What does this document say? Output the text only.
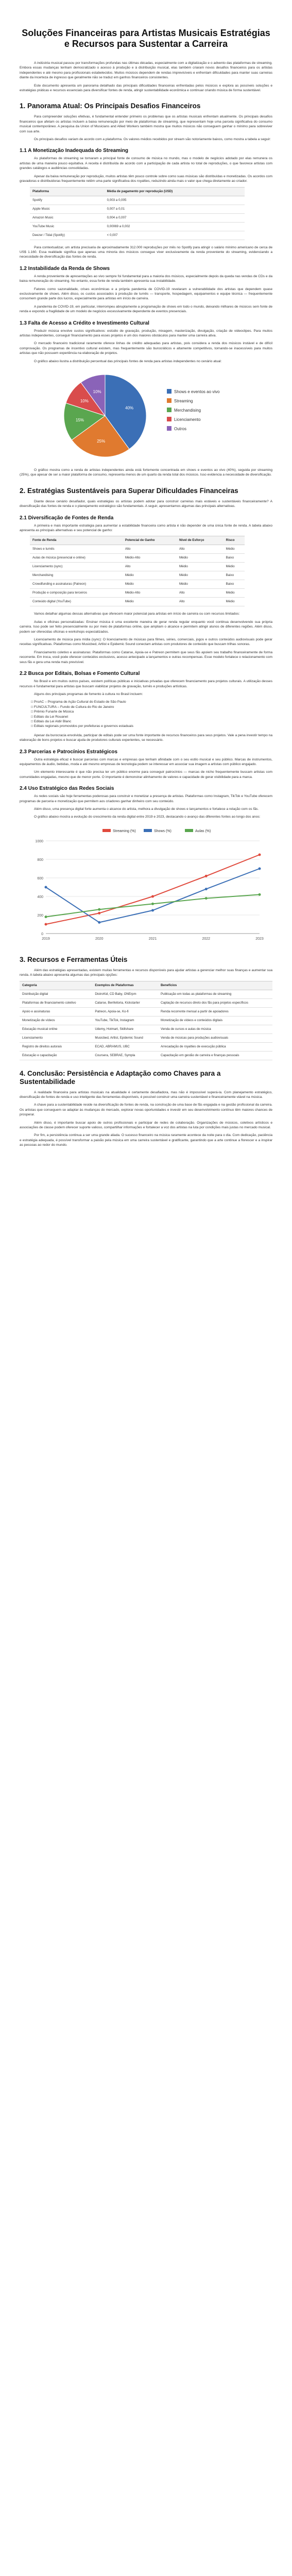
Soluções Financeiras para Artistas Musicais Estratégias e Recursos para Sustentar a Carreira

A indústria musical passou por transformações profundas nas últimas décadas, especialmente com a digitalização e o advento das plataformas de streaming. Embora essas mudanças tenham democratizado o acesso à produção e à distribuição musical, elas também criaram novos desafios financeiros para os artistas independentes e até mesmo para profissionais estabelecidos. Muitos músicos dependem de rendas imprevisíveis e enfrentam dificuldades para manter suas carreiras diante da incerteza de ingresso que geralmente não se traduz em ganhos financeiros consistentes.

Este documento apresenta um panorama detalhado das principais dificuldades financeiras enfrentadas pelos músicos e explora as possíveis soluções e estratégias práticas e recursos essenciais para diversificar fontes de renda, atingir sustentabilidade econômica e continuar criando música de forma sustentável.

1. Panorama Atual: Os Principais Desafios Financeiros

Para compreender soluções efetivas, é fundamental entender primeiro os problemas que os artistas musicais enfrentam atualmente. Os principais desafios financeiros que afetam os artistas incluem a baixa remuneração por meio de plataformas de streaming, que representam hoje uma parcela significativa do consumo musical contemporâneo. A pesquisa da Union of Musicians and Allied Workers também mostra que muitos músicos não conseguem ganhar o mínimo para sobreviver com sua arte.

Os principais desafios variam de acordo com a plataforma. Os valores médios recebidos por stream são notoriamente baixos, como mostra a tabela a seguir:

1.1 A Monetização Inadequada do Streaming

As plataformas de streaming se tornaram a principal fonte de consumo de música no mundo, mas o modelo de negócios adotado por elas remunera os artistas de uma maneira pouco equitativa. A receita é distribuída de acordo com a participação de cada artista no total de reproduções, o que favorece artistas com grandes catálogos e audiências consolidadas.

Apesar da baixa remuneração por reprodução, muitos artistas têm pouco controle sobre como suas músicas são distribuídas e monetizadas. Os acordos com gravadoras e distribuidoras frequentemente retêm uma parte significativa dos royalties, reduzindo ainda mais o valor que chega diretamente ao criador.

Plataforma	Média de pagamento por reprodução (USD)
Spotify	0,003 a 0,005
Apple Music	0,007 a 0,01
Amazon Music	0,004 a 0,007
YouTube Music	0,00069 a 0,002
Deezer / Tidal (Spotify)	< 0,007

Para contextualizar, um artista precisaria de aproximadamente 312.000 reproduções por mês no Spotify para atingir o salário mínimo americano de cerca de US$ 1.160. Essa realidade significa que apenas uma minoria dos músicos consegue viver exclusivamente da renda proveniente do streaming, evidenciando a necessidade de diversificação das fontes de renda.

1.2 Instabilidade da Renda de Shows

A renda proveniente de apresentações ao vivo sempre foi fundamental para a maioria dos músicos, especialmente depois da queda nas vendas de CDs e da baixa remuneração do streaming. No entanto, essa fonte de renda também apresenta sua instabilidade.

Fatores como sazonalidade, crises econômicas e a própria pandemia de COVID-19 revelaram a vulnerabilidade dos artistas que dependem quase exclusivamente de shows. Além disso, os custos associados à produção de turnês — transporte, hospedagem, equipamentos e equipe técnica — frequentemente consomem grande parte dos lucros, especialmente para artistas em início de carreira.

A pandemia de COVID-19, em particular, interrompeu abruptamente a programação de shows em todo o mundo, deixando milhares de músicos sem fonte de renda e expondo a fragilidade de um modelo de negócios excessivamente dependente de eventos presenciais.

1.3 Falta de Acesso a Crédito e Investimento Cultural

Produzir música envolve custos significativos: estúdio de gravação, produção, mixagem, masterização, divulgação, criação de videoclipes. Para muitos artistas independentes, conseguir financiamento para esses projetos é um dos maiores obstáculos para manter uma carreira ativa.

O mercado financeiro tradicional raramente oferece linhas de crédito adequadas para artistas, pois considera a renda dos músicos instável e de difícil comprovação. Os programas de incentivo cultural existem, mas frequentemente são burocráticos e altamente competitivos, tornando-se inacessíveis para muitos artistas que não possuem experiência na elaboração de projetos.

O gráfico abaixo ilustra a distribuição percentual das principais fontes de renda para artistas independentes no cenário atual:

40%
25%
15%
10%
10%	Shows e eventos ao vivo
Streaming
Merchandising
Licenciamento
Outros

O gráfico mostra como a renda de artistas independentes ainda está fortemente concentrada em shows e eventos ao vivo (40%), seguida por streaming (25%), que apesar de ser a maior plataforma de consumo, representa menos de um quarto da renda total dos músicos. Isso evidencia a necessidade de diversificação.

2. Estratégias Sustentáveis para Superar Dificuldades Financeiras

Diante desse cenário desafiador, quais estratégias os artistas podem adotar para construir carreiras mais estáveis e sustentáveis financeiramente? A diversificação das fontes de renda e o planejamento estratégico são fundamentais. A seguir, apresentamos algumas das principais alternativas.

2.1 Diversificação de Fontes de Renda

A primeira e mais importante estratégia para aumentar a estabilidade financeira como artista é não depender de uma única fonte de renda. A tabela abaixo apresenta as principais alternativas e seu potencial de ganho:

Fonte de Renda	Potencial de Ganho	Nível de Esforço	Risco
Shows e turnês	Alto	Alto	Médio
Aulas de música (presencial e online)	Médio-Alto	Médio	Baixo
Licenciamento (sync)	Alto	Médio	Médio
Merchandising	Médio	Médio	Baixo
Crowdfunding e assinaturas (Patreon)	Médio	Médio	Baixo
Produção e composição para terceiros	Médio-Alto	Alto	Médio
Conteúdo digital (YouTube)	Médio	Alto	Médio

Vamos detalhar algumas dessas alternativas que oferecem maior potencial para artistas em início de carreira ou com recursos limitados:

Aulas e oficinas personalizadas: Ensinar música é uma excelente maneira de gerar renda regular enquanto você continua desenvolvendo sua própria carreira. Isso pode ser feito presencialmente ou por meio de plataformas online, que ampliam o alcance e permitem atingir alunos de diferentes regiões. Além disso, podem ser oferecidas oficinas e workshops especializados.

Licenciamento de música para mídia (sync): O licenciamento de músicas para filmes, séries, comerciais, jogos e outros conteúdos audiovisuais pode gerar receitas significativas. Plataformas como Musicbed, Artlist e Epidemic Sound conectam artistas com produtores de conteúdo que buscam trilhas sonoras.

Financiamento coletivo e assinaturas: Plataformas como Catarse, Apoia-se e Patreon permitem que seus fãs apoiem seu trabalho financeiramente de forma recorrente. Em troca, você pode oferecer conteúdos exclusivos, acesso antecipado a lançamentos e outras recompensas. Esse modelo fortalece o relacionamento com seus fãs e gera uma renda mais previsível.

2.2 Busca por Editais, Bolsas e Fomento Cultural

No Brasil e em muitos outros países, existem políticas públicas e iniciativas privadas que oferecem financiamento para projetos culturais. A utilização desses recursos é fundamental para artistas que buscam viabilizar projetos de gravação, turnês e produções artísticas.

Alguns dos principais programas de fomento à cultura no Brasil incluem:

□ ProAC – Programa de Ação Cultural do Estado de São Paulo
□ FUNCULTURA – Fundo de Cultura do Rio de Janeiro
□ Prêmio Funarte de Música
□ Editais da Lei Rouanet
□ Editais da Lei Aldir Blanc
□ Editais regionais promovidos por prefeituras e governos estaduais

Apesar da burocracia envolvida, participar de editais pode ser uma fonte importante de recursos financeiros para seus projetos. Vale a pena investir tempo na elaboração de bons projetos e buscar ajuda de produtores culturais experientes, se necessário.

2.3 Parcerias e Patrocínios Estratégicos

Outra estratégia eficaz é buscar parcerias com marcas e empresas que tenham afinidade com o seu estilo musical e seu público. Marcas de instrumentos, equipamentos de áudio, bebidas, moda e até mesmo empresas de tecnologia podem se interessar em associar sua imagem a artistas com público engajado.

Um elemento interessante é que não precisa ter um público enorme para conseguir patrocínios — marcas de nicho frequentemente buscam artistas com comunidades engajadas, mesmo que de menor porte. O importante é demonstrar alinhamento de valores e capacidade de gerar visibilidade para a marca.

2.4 Uso Estratégico das Redes Sociais

As redes sociais são hoje ferramentas poderosas para construir e monetizar a presença de artistas. Plataformas como Instagram, TikTok e YouTube oferecem programas de parceria e monetização que permitem aos criadores ganhar dinheiro com seu conteúdo.

Além disso, uma presença digital forte aumenta o alcance do artista, melhora a divulgação de shows e lançamentos e fortalece a relação com os fãs.

O gráfico abaixo mostra a evolução do crescimento da renda digital entre 2019 e 2023, destacando o avanço das diferentes fontes ao longo dos anos:

0
200
400
600
800
1000
2019	2020	2021	2022	2023
Streaming (%)	Shows (%)	Aulas (%)
3. Recursos e Ferramentas Úteis

Além das estratégias apresentadas, existem muitas ferramentas e recursos disponíveis para ajudar artistas a gerenciar melhor suas finanças e aumentar sua renda. A tabela abaixo apresenta algumas das principais opções:

Categoria	Exemplos de Plataformas	Benefícios
Distribuição digital	DistroKid, CD Baby, ONErpm	Publicação em todas as plataformas de streaming
Plataformas de financiamento coletivo	Catarse, Benfeitoria, Kickstarter	Captação de recursos direto dos fãs para projetos específicos
Apoio e assinaturas	Patreon, Apoia-se, Ko-fi	Renda recorrente mensal a partir de apoiadores
Monetização de vídeos	YouTube, TikTok, Instagram	Monetização de vídeos e conteúdos digitais
Educação musical online	Udemy, Hotmart, Skillshare	Venda de cursos e aulas de música
Licenciamento	Musicbed, Artlist, Epidemic Sound	Venda de músicas para produções audiovisuais
Registro de direitos autorais	ECAD, ABRAMUS, UBC	Arrecadação de royalties de execução pública
Educação e capacitação	Coursera, SEBRAE, Sympla	Capacitação em gestão de carreira e finanças pessoais
4. Conclusão: Persistência e Adaptação como Chaves para a Sustentabilidade

A realidade financeira para artistas musicais na atualidade é certamente desafiadora, mas não é impossível superá-la. Com planejamento estratégico, diversificação de fontes de renda e uso inteligente das ferramentas disponíveis, é possível construir uma carreira sustentável e financeiramente viável na música.

A chave para a sustentabilidade reside na diversificação de fontes de renda, na construção de uma base de fãs engajada e na gestão profissional da carreira. Os artistas que conseguem se adaptar às mudanças do mercado, explorar novas oportunidades e investir em seu desenvolvimento contínuo têm maiores chances de prosperar.

Além disso, é importante buscar apoio de outros profissionais e participar de redes de colaboração. Organizações de músicos, coletivos artísticos e associações de classe podem oferecer suporte valioso, compartilhar informações e fortalecer a voz dos artistas na luta por condições mais justas no mercado musical.

Por fim, a persistência continua a ser uma grande aliada. O sucesso financeiro na música raramente acontece da noite para o dia. Com dedicação, paciência e estratégia adequada, é possível transformar a paixão pela música em uma carreira sustentável e gratificante, garantindo que a arte continue a florescer e a inspirar as pessoas ao redor do mundo.
